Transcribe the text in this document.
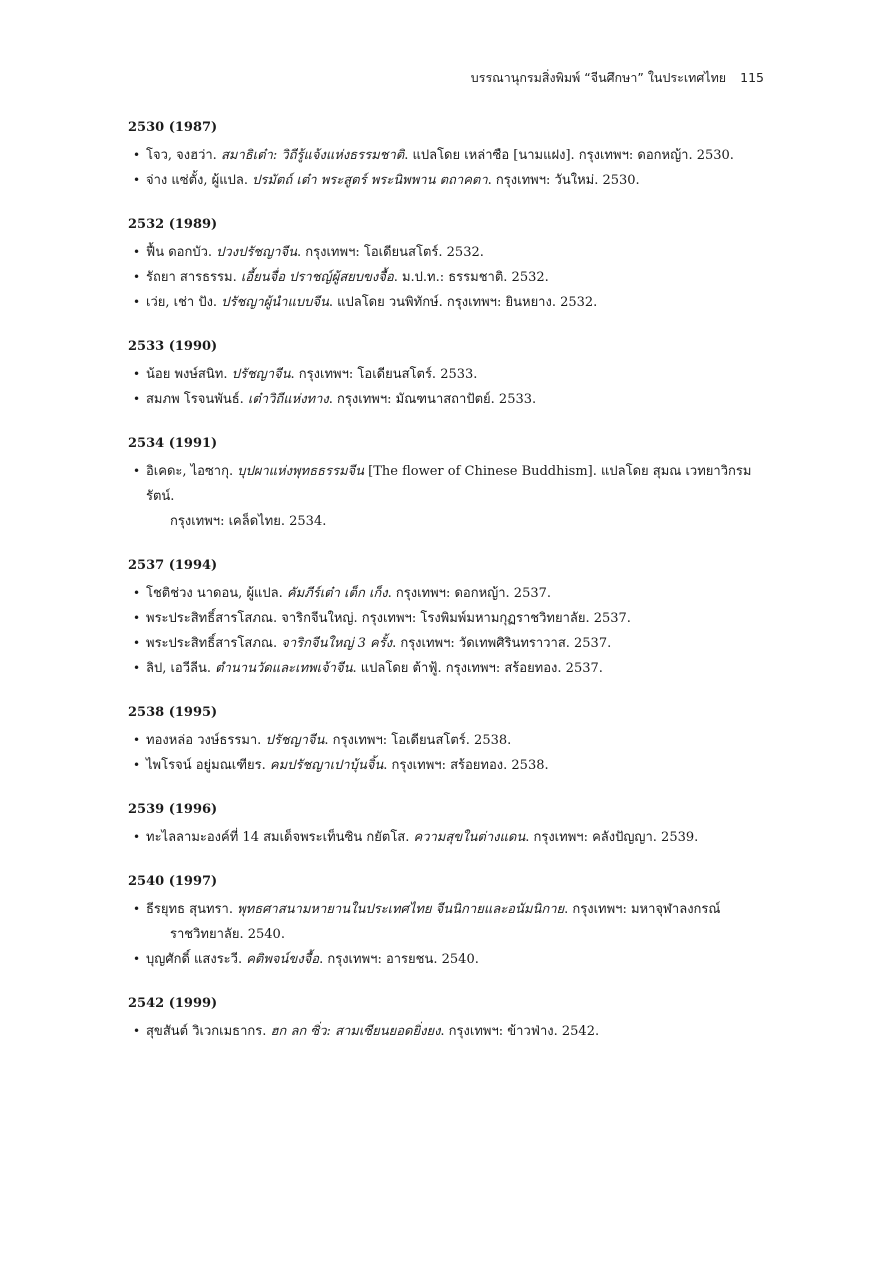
บรรณานุกรมสิ่งพิมพ์ “จีนศึกษา” ในประเทศไทย 115
2530 (1987)
• โจว, จงฮว่า. สมาธิเต๋า: วิถีรู้แจ้งแห่งธรรมชาติ. แปลโดย เหล่าซือ [นามแฝง]. กรุงเทพฯ: ดอกหญ้า. 2530.
• จ่าง แซ่ตั้ง, ผู้แปล. ปรมัตถ์ เต๋า พระสูตร์ พระนิพพาน ตถาคตา. กรุงเทพฯ: วันใหม่. 2530.
2532 (1989)
• ฟื้น ดอกบัว. ปวงปรัชญาจีน. กรุงเทพฯ: โอเดียนสโตร์. 2532.
• รัถยา สารธรรม. เอี้ยนจื่อ ปราชญ์ผู้สยบขงจื้อ. ม.ป.ท.: ธรรมชาติ. 2532.
• เว่ย, เช่า ปัง. ปรัชญาผู้นำแบบจีน. แปลโดย วนพิทักษ์. กรุงเทพฯ: ยินหยาง. 2532.
2533 (1990)
• น้อย พงษ์สนิท. ปรัชญาจีน. กรุงเทพฯ: โอเดียนสโตร์. 2533.
• สมภพ โรจนพันธ์. เต๋าวิถีแห่งทาง. กรุงเทพฯ: มัณฑนาสถาปัตย์. 2533.
2534 (1991)
• อิเคดะ, ไอซากุ. บุปผาแห่งพุทธธรรมจีน [The flower of Chinese Buddhism]. แปลโดย สุมณ เวทยาวิกรมรัตน์.
กรุงเทพฯ: เคล็ดไทย. 2534.
2537 (1994)
• โชติช่วง นาดอน, ผู้แปล. คัมภีร์เต๋า เต็ก เก็ง. กรุงเทพฯ: ดอกหญ้า. 2537.
• พระประสิทธิ์สารโสภณ. จาริกจีนใหญ่. กรุงเทพฯ: โรงพิมพ์มหามกุฏราชวิทยาลัย. 2537.
• พระประสิทธิ์สารโสภณ. จาริกจีนใหญ่ 3 ครั้ง. กรุงเทพฯ: วัดเทพศิรินทราวาส. 2537.
• ลิป, เอวีลีน. ตำนานวัดและเทพเจ้าจีน. แปลโดย ต้าฟู้. กรุงเทพฯ: สร้อยทอง. 2537.
2538 (1995)
• ทองหล่อ วงษ์ธรรมา. ปรัชญาจีน. กรุงเทพฯ: โอเดียนสโตร์. 2538.
• ไพโรจน์ อยู่มณเฑียร. คมปรัชญาเปาบุ้นจิ้น. กรุงเทพฯ: สร้อยทอง. 2538.
2539 (1996)
• ทะไลลามะองค์ที่ 14 สมเด็จพระเท็นซิน กยัตโส. ความสุขในต่างแดน. กรุงเทพฯ: คลังปัญญา. 2539.
2540 (1997)
• ธีรยุทธ สุนทรา. พุทธศาสนามหายานในประเทศไทย จีนนิกายและอนัมนิกาย. กรุงเทพฯ: มหาจุฬาลงกรณ์
ราชวิทยาลัย. 2540.
• บุญศักดิ์ แสงระวี. คติพจน์ขงจื้อ. กรุงเทพฯ: อารยชน. 2540.
2542 (1999)
• สุขสันต์ วิเวกเมธากร. ฮก ลก ซิ่ว: สามเซียนยอดยิ่งยง. กรุงเทพฯ: ข้าวฟ่าง. 2542.
